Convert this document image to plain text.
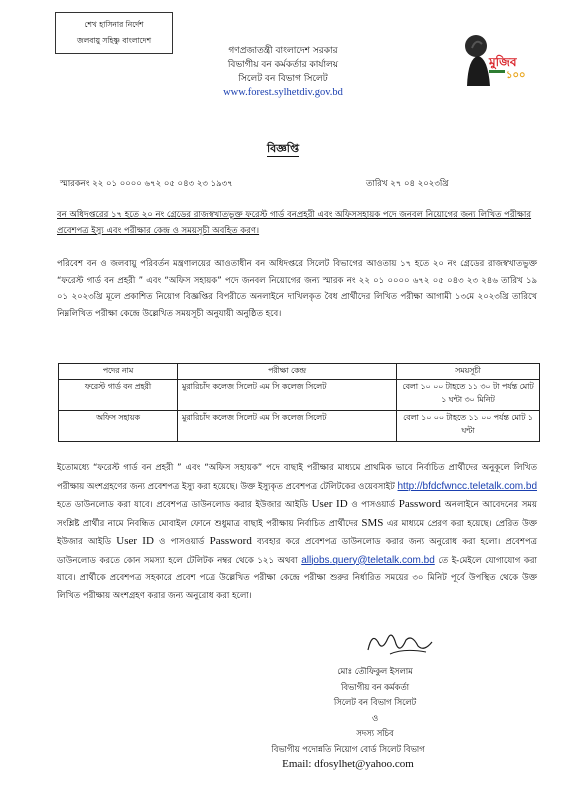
শেখ হাসিনার নির্দেশ
জলবায়ু সহিষ্ণু বাংলাদেশ
গণপ্রজাতন্ত্রী বাংলাদেশ সরকার
বিভাগীয় বন কর্মকর্তার কার্যালয়
সিলেট বন বিভাগ সিলেট
www.forest.sylhetdiv.gov.bd
মুজিব
১০০
বিজ্ঞপ্তি
স্মারকনং ২২ ০১ ০০০০ ৬৭২ ০৫ ০৪৩ ২৩ ১৯৩৭	তারিখ ২৭ ০৪ ২০২৩খ্রি
বন অধিদপ্তরের ১৭ হতে ২০ নং গ্রেডের রাজস্বখাতভুক্ত ফরেস্ট গার্ড বনপ্রহরী এবং অফিসসহায়ক পদে জনবল নিয়োগের জন্য লিখিত পরীক্ষার প্রবেশপত্র ইস্যু এবং পরীক্ষার কেন্দ্র ও সময়সূচী অবহিত করণ।
পরিবেশ বন ও জলবায়ু পরিবর্তন মন্ত্রণালয়ের আওতাধীন বন অধিদপ্তরে সিলেট বিভাগের আওতায় ১৭ হতে ২০ নং গ্রেডের রাজস্বখাতভুক্ত “ফরেস্ট গার্ড বন প্রহরী ” এবং “অফিস সহায়ক” পদে জনবল নিয়োগের জন্য স্মারক নং ২২ ০১ ০০০০ ৬৭২ ০৫ ০৪৩ ২৩ ২৪৬ তারিখ ১৯ ০১ ২০২৩খ্রি মূলে প্রকাশিত নিয়োগ বিজ্ঞপ্তির বিপরীতে অনলাইনে দাখিলকৃত বৈধ প্রার্থীদের লিখিত পরীক্ষা আগামী ১৩মে ২০২৩খ্রি তারিখে নিম্নলিখিত পরীক্ষা কেন্দ্রে উল্লেখিত সময়সূচী অনুযায়ী অনুষ্ঠিত হবে।
পদের নাম	পরীক্ষা কেন্দ্র	সময়সূচী
ফরেস্ট গার্ড বন প্রহরী	মুরারিচাঁদ কলেজ সিলেট এম সি কলেজ সিলেট	বেলা ১০ ০০ টাহতে ১১ ৩০ টা পর্যন্ত মোট ১ ঘন্টা ৩০ মিনিট
অফিস সহায়ক	মুরারিচাঁদ কলেজ সিলেট এম সি কলেজ সিলেট	বেলা ১০ ০০ টাহতে ১১ ০০ পর্যন্ত মোট ১ ঘন্টা
ইতোমধ্যে “ফরেস্ট গার্ড বন প্রহরী ” এবং “অফিস সহায়ক” পদে বাছাই পরীক্ষার মাধ্যমে প্রাথমিক ভাবে নির্বাচিত প্রার্থীদের অনুকূলে লিখিত পরীক্ষায় অংশগ্রহণের জন্য প্রবেশপত্র ইস্যু করা হয়েছে। উক্ত ইস্যুকৃত প্রবেশপত্র টেলিটকের ওয়েবসাইট http://bfdcfwncc.teletalk.com.bd হতে ডাউনলোড করা যাবে। প্রবেশপত্র ডাউনলোড করার ইউজার আইডি User ID ও পাসওয়ার্ড Password অনলাইনে আবেদনের সময় সংশ্লিষ্ট প্রার্থীর নামে নিবন্ধিত মোবাইল ফোনে শুধুমাত্র বাছাই পরীক্ষায় নির্বাচিত প্রার্থীদের SMS এর মাধ্যমে প্রেরণ করা হয়েছে। প্রেরিত উক্ত ইউজার আইডি User ID ও পাসওয়ার্ড Password ব্যবহার করে প্রবেশপত্র ডাউনলোড করার জন্য অনুরোধ করা হলো। প্রবেশপত্র ডাউনলোড করতে কোন সমস্যা হলে টেলিটক নম্বর থেকে ১২১ অথবা alljobs.query@teletalk.com.bd তে ই-মেইলে যোগাযোগ করা যাবে। প্রার্থীকে প্রবেশপত্র সহকারে প্রবেশ পত্রে উল্লেখিত পরীক্ষা কেন্দ্রে পরীক্ষা শুরুর নির্ধারিত সময়ের ৩০ মিনিট পূর্বে উপস্থিত থেকে উক্ত লিখিত পরীক্ষায় অংশগ্রহণ করার জন্য অনুরোধ করা হলো।
মোঃ তৌফিকুল ইসলাম
বিভাগীয় বন কর্মকর্তা
সিলেট বন বিভাগ সিলেট
ও
সদস্য সচিব
বিভাগীয় পদোন্নতি নিয়োগ বোর্ড সিলেট বিভাগ
Email: dfosylhet@yahoo.com
